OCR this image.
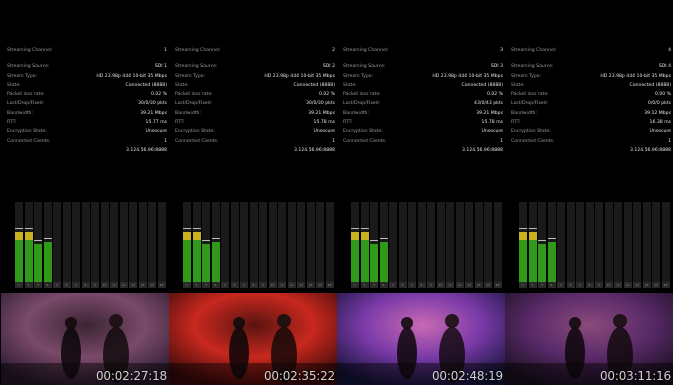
Streaming Channel:	1
Streaming Source:	SDI 1
Stream Type:	HD 23.98p 444 10-bit 35 Mbps
State:	Connected (8888)
Packet loss rate:	0.02 %
Lost/Drop/Fixed:	30/0/30 pkts
Bandwidth:	39.21 Mbps
RTT:	15.77 ms
Encryption State:	Unsecure
Connected Clients:	1
3.124.56.96:8888
1	2	3	4	5	6	7	8	9	10	11	12	13	14	15	16
00:02:27:18
Streaming Channel:	2
Streaming Source:	SDI 2
Stream Type:	HD 23.98p 444 10-bit 35 Mbps
State:	Connected (8888)
Packet loss rate:	0.02 %
Lost/Drop/Fixed:	30/0/30 pkts
Bandwidth:	39.21 Mbps
RTT:	15.78 ms
Encryption State:	Unsecure
Connected Clients:	1
3.124.56.96:8888
1	2	3	4	5	6	7	8	9	10	11	12	13	14	15	16
00:02:35:22
Streaming Channel:	3
Streaming Source:	SDI 3
Stream Type:	HD 23.98p 444 10-bit 35 Mbps
State:	Connected (8888)
Packet loss rate:	0.02 %
Lost/Drop/Fixed:	43/0/43 pkts
Bandwidth:	39.21 Mbps
RTT:	15.78 ms
Encryption State:	Unsecure
Connected Clients:	1
3.124.56.96:8888
1	2	3	4	5	6	7	8	9	10	11	12	13	14	15	16
00:02:48:19
Streaming Channel:	4
Streaming Source:	SDI 4
Stream Type:	HD 23.98p 444 10-bit 35 Mbps
State:	Connected (8888)
Packet loss rate:	0.00 %
Lost/Drop/Fixed:	0/0/0 pkts
Bandwidth:	39.12 Mbps
RTT:	16.38 ms
Encryption State:	Unsecure
Connected Clients:	1
3.124.56.96:8888
1	2	3	4	5	6	7	8	9	10	11	12	13	14	15	16
00:03:11:16
